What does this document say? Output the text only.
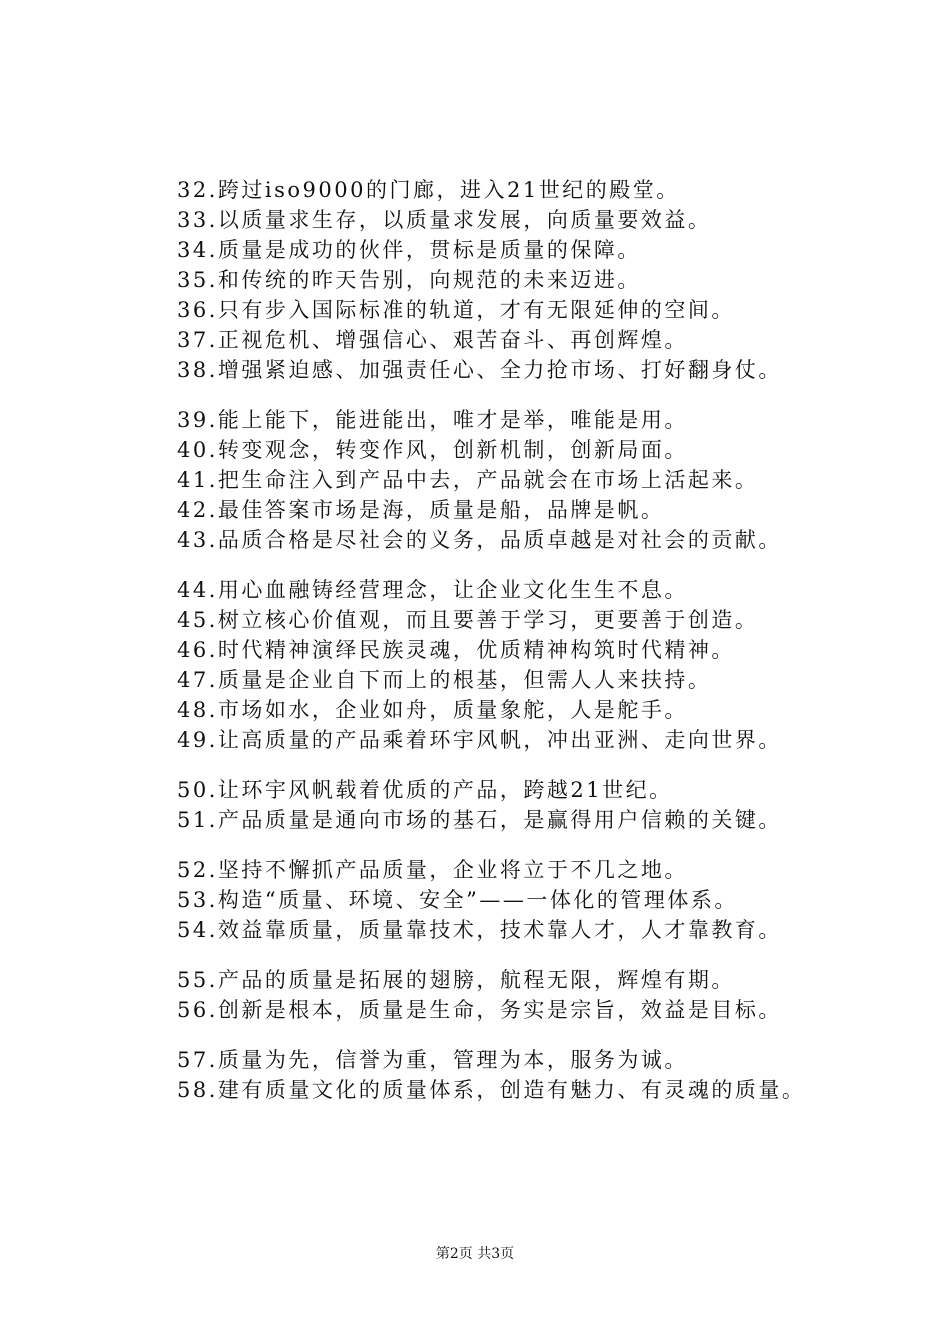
32.跨过iso9000的门廊，进入21世纪的殿堂。
33.以质量求生存，以质量求发展，向质量要效益。
34.质量是成功的伙伴，贯标是质量的保障。
35.和传统的昨天告别，向规范的未来迈进。
36.只有步入国际标准的轨道，才有无限延伸的空间。
37.正视危机、增强信心、艰苦奋斗、再创辉煌。
38.增强紧迫感、加强责任心、全力抢市场、打好翻身仗。
39.能上能下，能进能出，唯才是举，唯能是用。
40.转变观念，转变作风，创新机制，创新局面。
41.把生命注入到产品中去，产品就会在市场上活起来。
42.最佳答案市场是海，质量是船，品牌是帆。
43.品质合格是尽社会的义务，品质卓越是对社会的贡献。
44.用心血融铸经营理念，让企业文化生生不息。
45.树立核心价值观，而且要善于学习，更要善于创造。
46.时代精神演绎民族灵魂，优质精神构筑时代精神。
47.质量是企业自下而上的根基，但需人人来扶持。
48.市场如水，企业如舟，质量象舵，人是舵手。
49.让高质量的产品乘着环宇风帆，冲出亚洲、走向世界。
50.让环宇风帆载着优质的产品，跨越21世纪。
51.产品质量是通向市场的基石，是赢得用户信赖的关键。
52.坚持不懈抓产品质量，企业将立于不几之地。
53.构造“质量、环境、安全”——一体化的管理体系。
54.效益靠质量，质量靠技术，技术靠人才，人才靠教育。
55.产品的质量是拓展的翅膀，航程无限，辉煌有期。
56.创新是根本，质量是生命，务实是宗旨，效益是目标。
57.质量为先，信誉为重，管理为本，服务为诚。
58.建有质量文化的质量体系，创造有魅力、有灵魂的质量。
第2页 共3页
